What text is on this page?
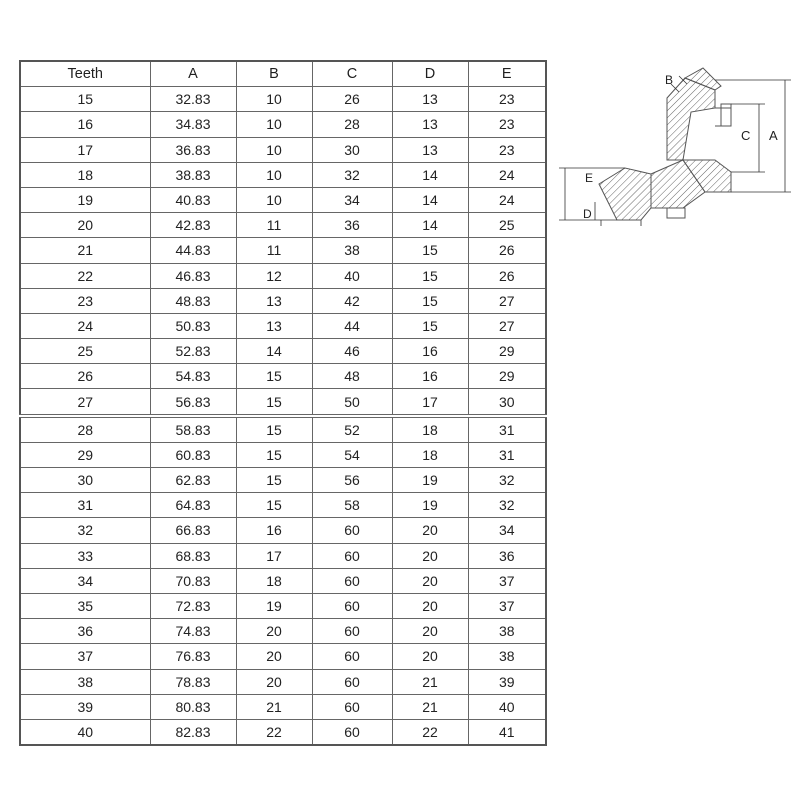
Teeth	A	B	C	D	E
15	32.83	10	26	13	23
16	34.83	10	28	13	23
17	36.83	10	30	13	23
18	38.83	10	32	14	24
19	40.83	10	34	14	24
20	42.83	11	36	14	25
21	44.83	11	38	15	26
22	46.83	12	40	15	26
23	48.83	13	42	15	27
24	50.83	13	44	15	27
25	52.83	14	46	16	29
26	54.83	15	48	16	29
27	56.83	15	50	17	30
28	58.83	15	52	18	31
29	60.83	15	54	18	31
30	62.83	15	56	19	32
31	64.83	15	58	19	32
32	66.83	16	60	20	34
33	68.83	17	60	20	36
34	70.83	18	60	20	37
35	72.83	19	60	20	37
36	74.83	20	60	20	38
37	76.83	20	60	20	38
38	78.83	20	60	21	39
39	80.83	21	60	21	40
40	82.83	22	60	22	41
B
A
C
E
D
